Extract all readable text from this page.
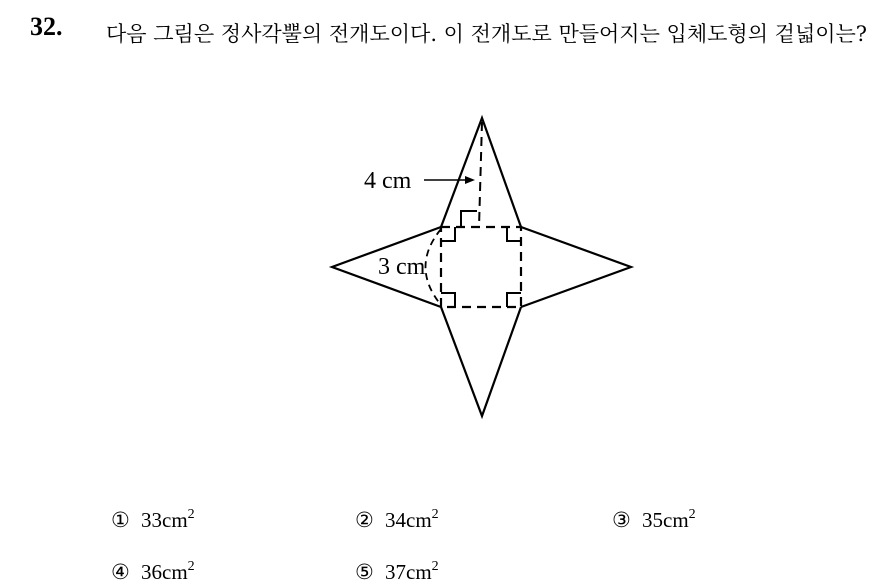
32. 다음 그림은 정사각뿔의 전개도이다. 이 전개도로 만들어지는 입체도형의 겉넓이는?
4 cm
3 cm
① $33cm^2$	② $34cm^2$	③ $35cm^2$
④ $36cm^2$	⑤ $37cm^2$
